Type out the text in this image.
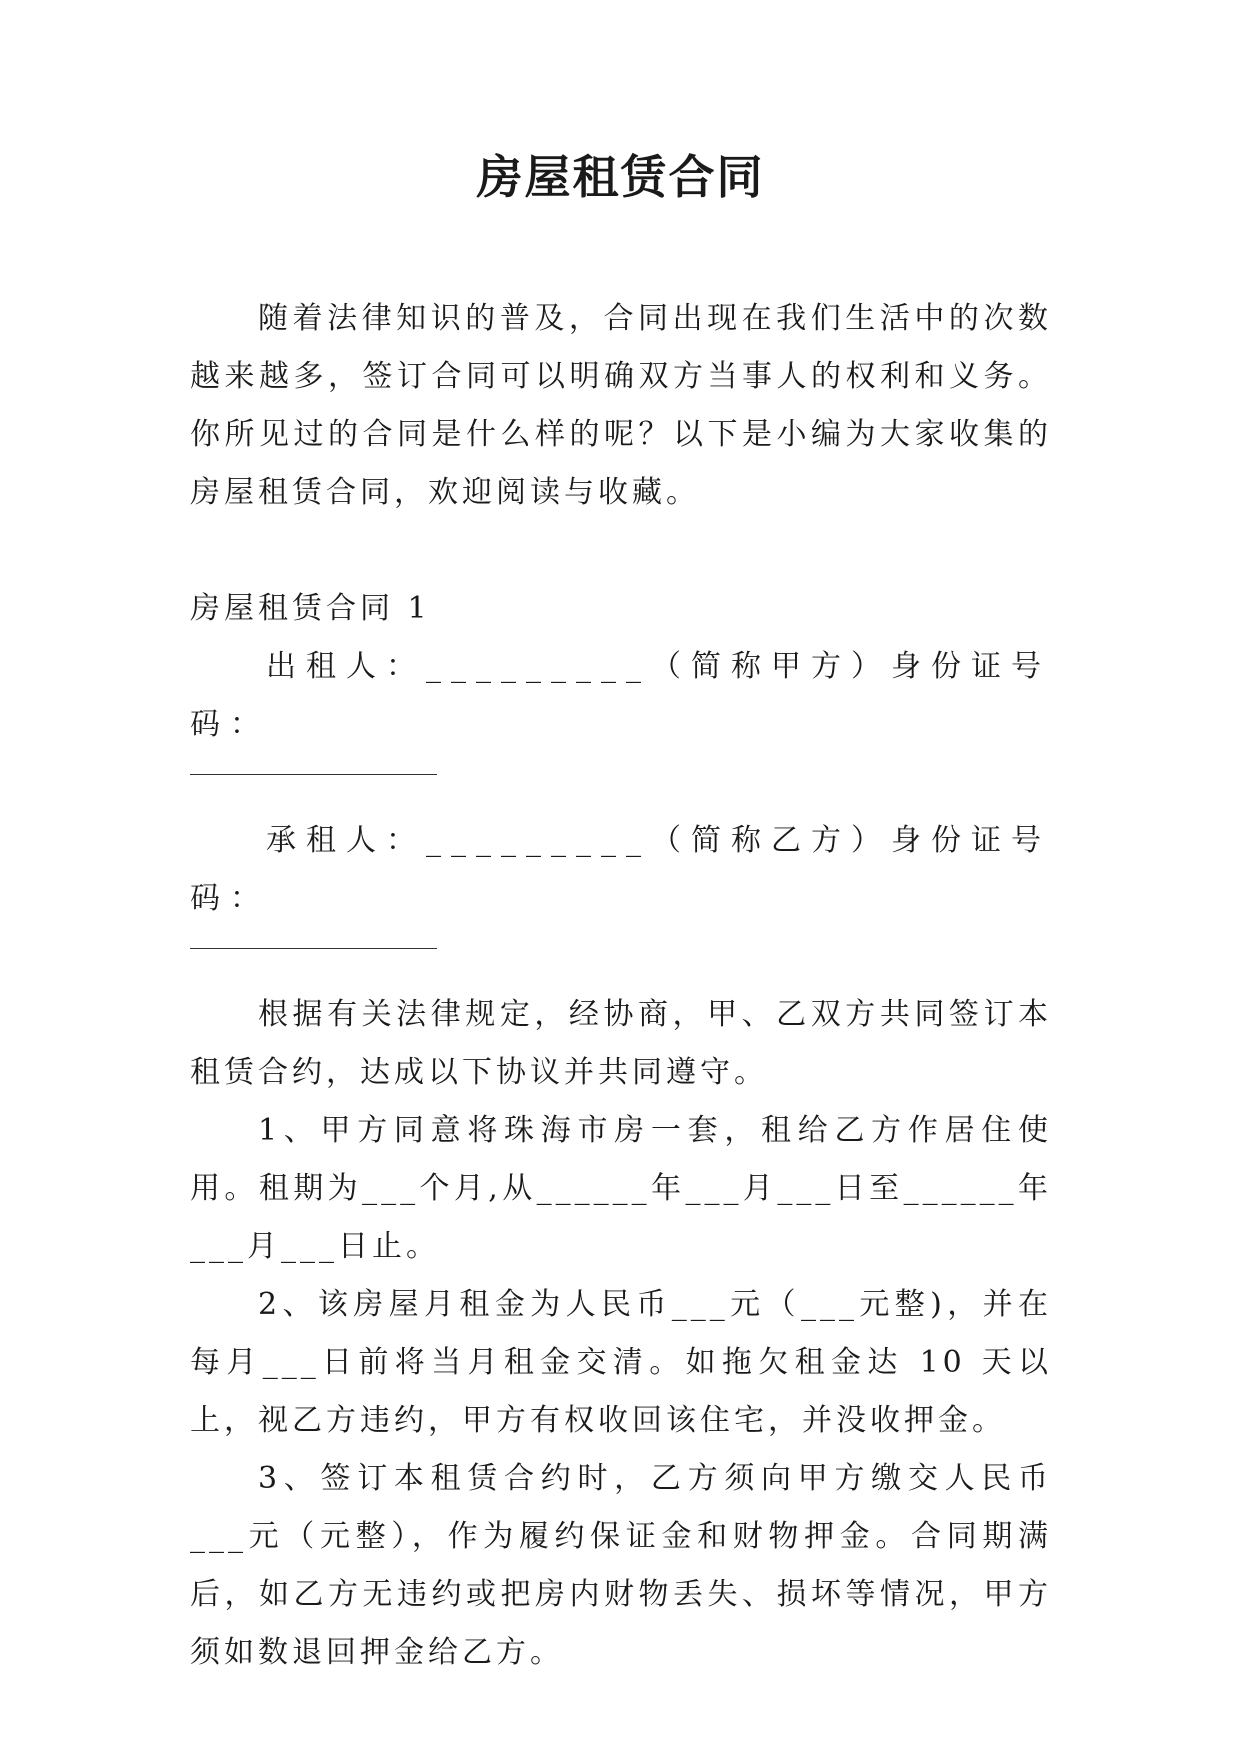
房屋租赁合同

随着法律知识的普及，合同出现在我们生活中的次数越来越多，签订合同可以明确双方当事人的权利和义务。你所见过的合同是什么样的呢？以下是小编为大家收集的房屋租赁合同，欢迎阅读与收藏。

房屋租赁合同 1

出租人：_________（简称甲方）身份证号码：

承租人：_________（简称乙方）身份证号码：

根据有关法律规定，经协商，甲、乙双方共同签订本租赁合约，达成以下协议并共同遵守。

1、甲方同意将珠海市房一套，租给乙方作居住使用。租期为___个月,从______年___月___日至______年___月___日止。

2、该房屋月租金为人民币___元（___元整)，并在每月___日前将当月租金交清。如拖欠租金达 10 天以上，视乙方违约，甲方有权收回该住宅，并没收押金。

3、签订本租赁合约时，乙方须向甲方缴交人民币___元（元整），作为履约保证金和财物押金。合同期满后，如乙方无违约或把房内财物丢失、损坏等情况，甲方须如数退回押金给乙方。
